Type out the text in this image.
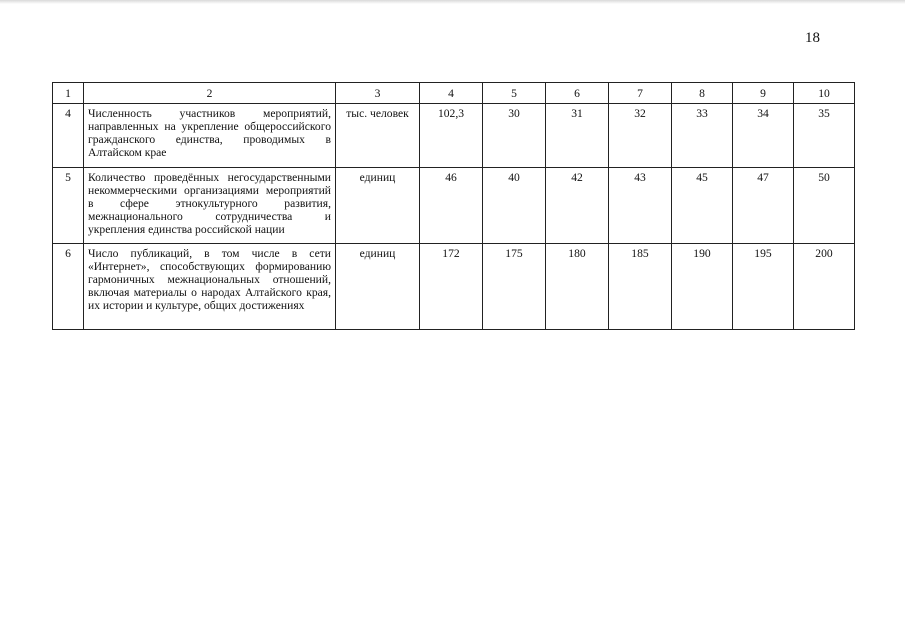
18
1	2	3	4	5	6	7	8	9	10
4	Численность участников мероприятий, направленных на укрепление общероссийского гражданского единства, проводимых в Алтайском крае	тыс. человек	102,3	30	31	32	33	34	35
5	Количество проведённых негосударственными некоммерческими организациями мероприятий в сфере этнокультурного развития, межнационального сотрудничества и укрепления единства российской нации	единиц	46	40	42	43	45	47	50
6	Число публикаций, в том числе в сети «Интернет», способствующих формированию гармоничных межнациональных отношений, включая материалы о народах Алтайского края, их истории и культуре, общих достижениях	единиц	172	175	180	185	190	195	200
